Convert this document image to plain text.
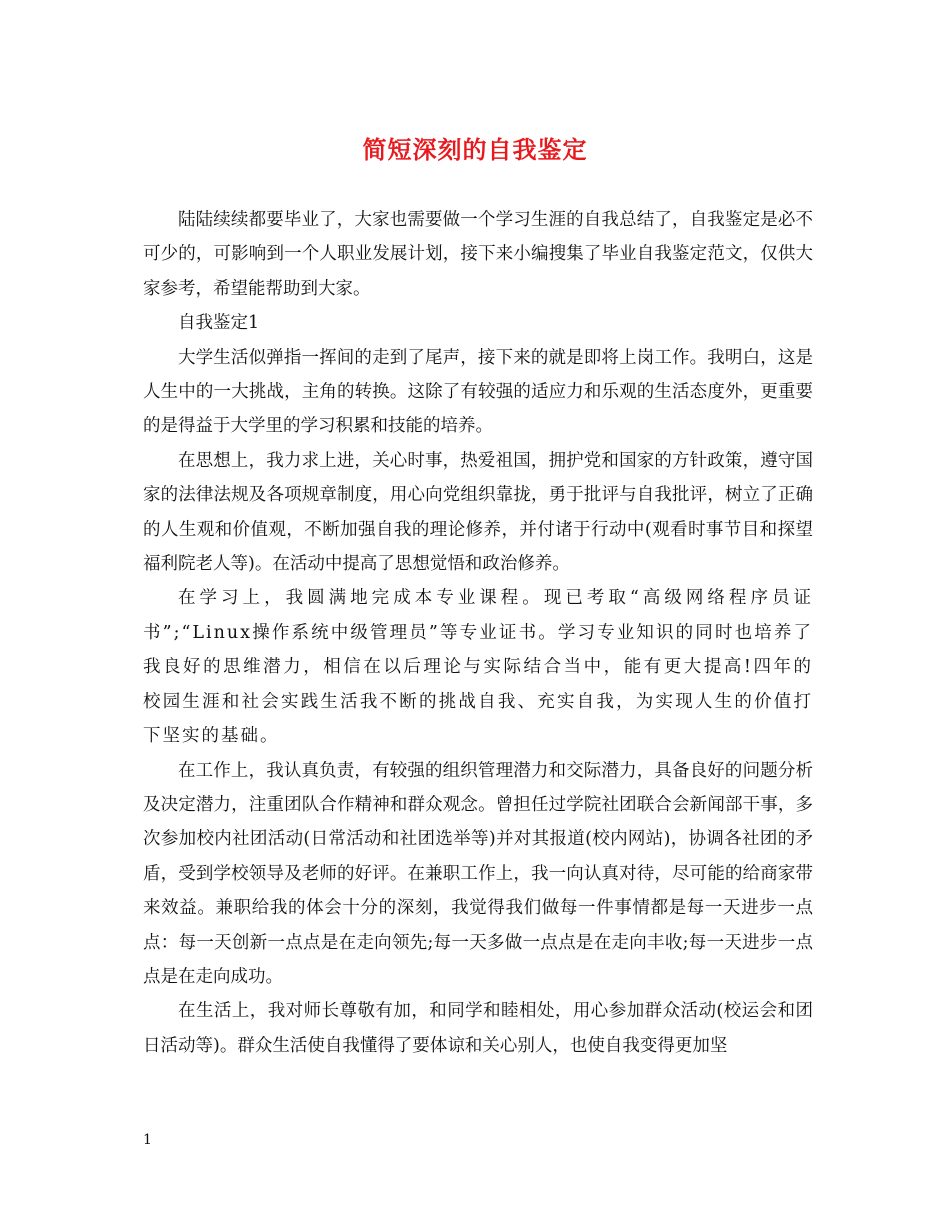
简短深刻的自我鉴定

陆陆续续都要毕业了，大家也需要做一个学习生涯的自我总结了，自我鉴定是必不可少的，可影响到一个人职业发展计划，接下来小编搜集了毕业自我鉴定范文，仅供大家参考，希望能帮助到大家。

自我鉴定1

大学生活似弹指一挥间的走到了尾声，接下来的就是即将上岗工作。我明白，这是人生中的一大挑战，主角的转换。这除了有较强的适应力和乐观的生活态度外，更重要的是得益于大学里的学习积累和技能的培养。

在思想上，我力求上进，关心时事，热爱祖国，拥护党和国家的方针政策，遵守国家的法律法规及各项规章制度，用心向党组织靠拢，勇于批评与自我批评，树立了正确的人生观和价值观，不断加强自我的理论修养，并付诸于行动中(观看时事节目和探望福利院老人等)。在活动中提高了思想觉悟和政治修养。

在学习上，我圆满地完成本专业课程。现已考取“高级网络程序员证书”;“Linux操作系统中级管理员”等专业证书。学习专业知识的同时也培养了我良好的思维潜力，相信在以后理论与实际结合当中，能有更大提高!四年的校园生涯和社会实践生活我不断的挑战自我、充实自我，为实现人生的价值打下坚实的基础。

在工作上，我认真负责，有较强的组织管理潜力和交际潜力，具备良好的问题分析及决定潜力，注重团队合作精神和群众观念。曾担任过学院社团联合会新闻部干事，多次参加校内社团活动(日常活动和社团选举等)并对其报道(校内网站)，协调各社团的矛盾，受到学校领导及老师的好评。在兼职工作上，我一向认真对待，尽可能的给商家带来效益。兼职给我的体会十分的深刻，我觉得我们做每一件事情都是每一天进步一点点：每一天创新一点点是在走向领先;每一天多做一点点是在走向丰收;每一天进步一点点是在走向成功。

在生活上，我对师长尊敬有加，和同学和睦相处，用心参加群众活动(校运会和团日活动等)。群众生活使自我懂得了要体谅和关心别人，也使自我变得更加坚

1
